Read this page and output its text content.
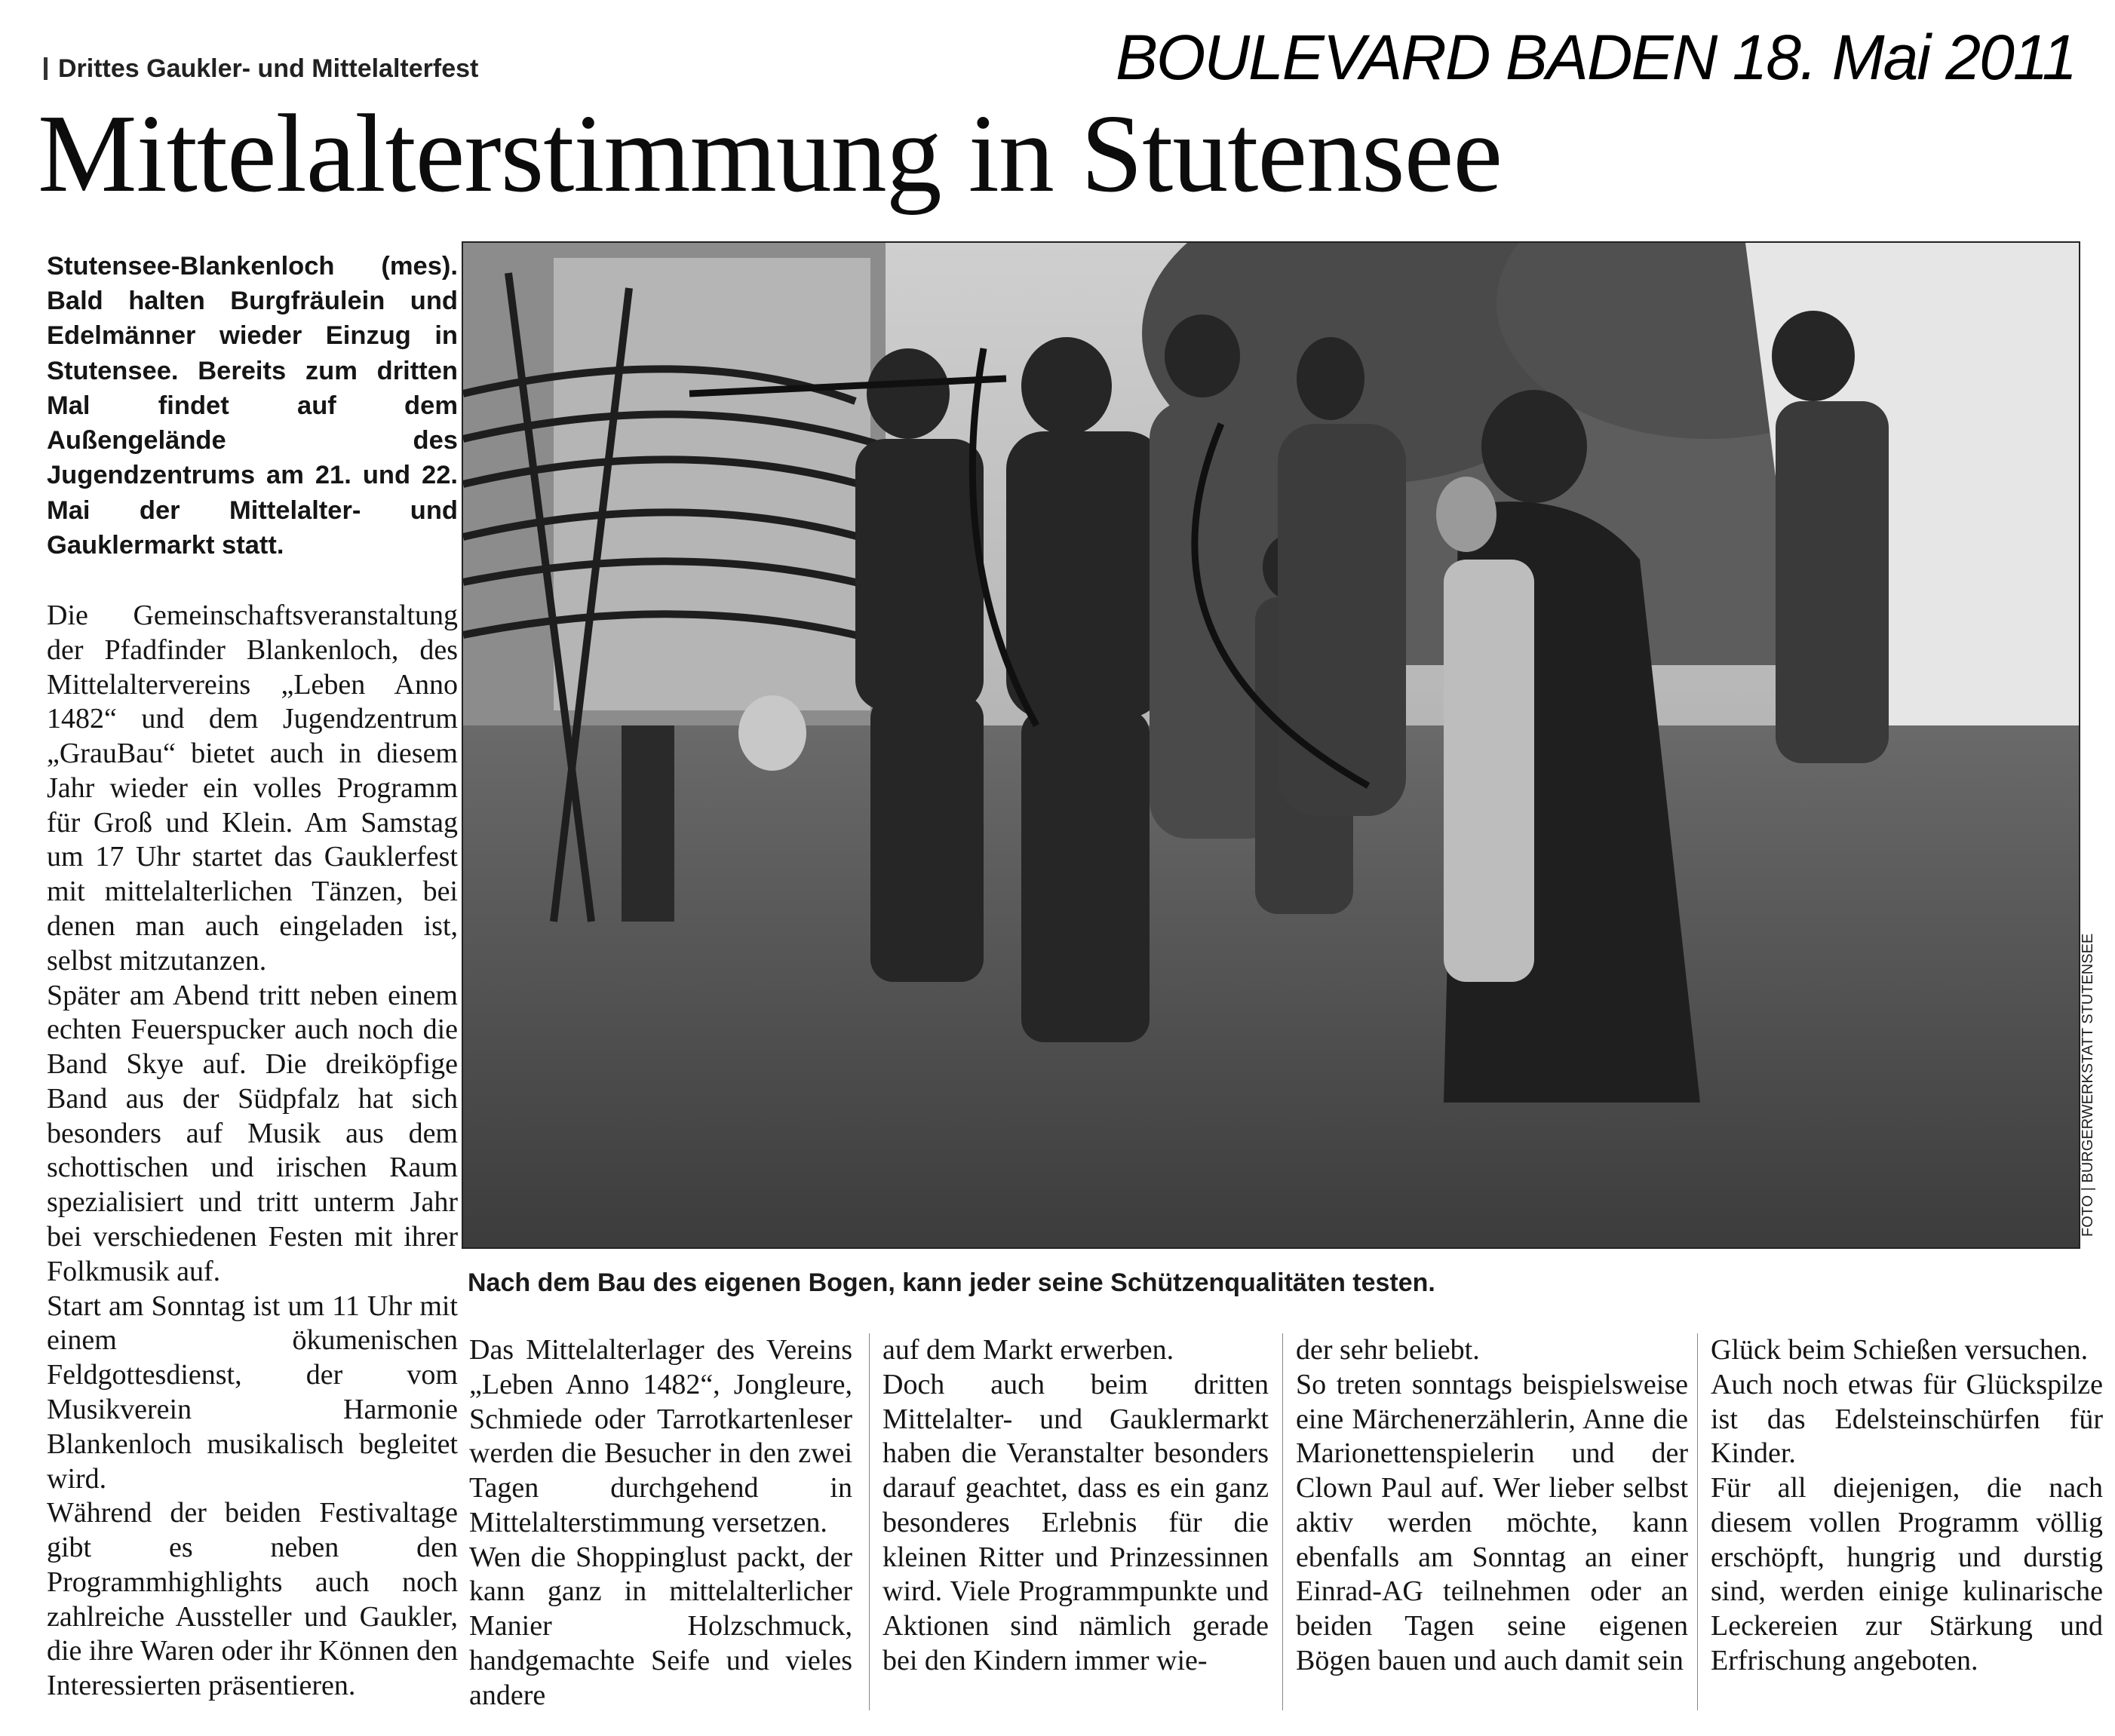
BOULEVARD BADEN 18. Mai 2011
Drittes Gaukler- und Mittelalterfest
Mittelalterstimmung in Stutensee

Stutensee-Blankenloch (mes). Bald halten Burgfräulein und Edelmänner wieder Einzug in Stutensee. Bereits zum dritten Mal findet auf dem Außengelände des Jugendzentrums am 21. und 22. Mai der Mittelalter- und Gauklermarkt statt.

Die Gemeinschaftsveranstaltung der Pfadfinder Blankenloch, des Mittelaltervereins „Leben Anno 1482“ und dem Jugendzentrum „GrauBau“ bietet auch in diesem Jahr wieder ein volles Programm für Groß und Klein. Am Samstag um 17 Uhr startet das Gauklerfest mit mittelalterlichen Tänzen, bei denen man auch eingeladen ist, selbst mitzutanzen.

Später am Abend tritt neben einem echten Feuerspucker auch noch die Band Skye auf. Die dreiköpfige Band aus der Südpfalz hat sich besonders auf Musik aus dem schottischen und irischen Raum spezialisiert und tritt unterm Jahr bei verschiedenen Festen mit ihrer Folkmusik auf.

Start am Sonntag ist um 11 Uhr mit einem ökumenischen Feldgottesdienst, der vom Musikverein Harmonie Blankenloch musikalisch begleitet wird.

Während der beiden Festivaltage gibt es neben den Programmhighlights auch noch zahlreiche Aussteller und Gaukler, die ihre Waren oder ihr Können den Interessierten präsentieren.

FOTO | BÜRGERWERKSTATT STUTENSEE
Nach dem Bau des eigenen Bogen, kann jeder seine Schützenqualitäten testen.

Das Mittelalterlager des Vereins „Leben Anno 1482“, Jongleure, Schmiede oder Tarrotkartenleser werden die Besucher in den zwei Tagen durchgehend in Mittelalterstimmung versetzen.

Wen die Shoppinglust packt, der kann ganz in mittelalterlicher Manier Holzschmuck, handgemachte Seife und vieles andere

auf dem Markt erwerben.

Doch auch beim dritten Mittelalter- und Gauklermarkt haben die Veranstalter besonders darauf geachtet, dass es ein ganz besonderes Erlebnis für die kleinen Ritter und Prinzessinnen wird. Viele Programmpunkte und Aktionen sind nämlich gerade bei den Kindern immer wie-

der sehr beliebt.

So treten sonntags beispielsweise eine Märchenerzählerin, Anne die Marionettenspielerin und der Clown Paul auf. Wer lieber selbst aktiv werden möchte, kann ebenfalls am Sonntag an einer Einrad-AG teilnehmen oder an beiden Tagen seine eigenen Bögen bauen und auch damit sein

Glück beim Schießen versuchen.

Auch noch etwas für Glückspilze ist das Edelsteinschürfen für Kinder.

Für all diejenigen, die nach diesem vollen Programm völlig erschöpft, hungrig und durstig sind, werden einige kulinarische Leckereien zur Stärkung und Erfrischung angeboten.
